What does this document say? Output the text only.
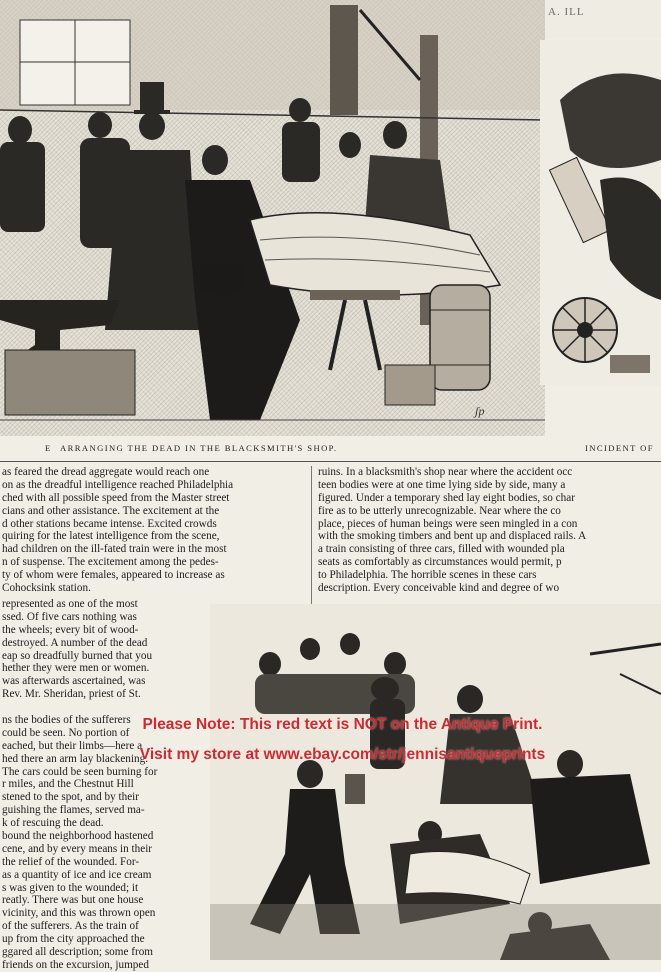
ʃp
A. ILL
E ARRANGING THE DEAD IN THE BLACKSMITH'S SHOP.	INCIDENT OF
as feared the dread aggregate would reach one
on as the dreadful intelligence reached Philadelphia
ched with all possible speed from the Master street
cians and other assistance. The excitement at the
d other stations became intense. Excited crowds
quiring for the latest intelligence from the scene,
had children on the ill-fated train were in the most
n of suspense. The excitement among the pedes-
ty of whom were females, appeared to increase as
Cohocksink station.
represented as one of the most
ssed. Of five cars nothing was
the wheels; every bit of wood-
destroyed. A number of the dead
eap so dreadfully burned that you
hether they were men or women.
was afterwards ascertained, was
Rev. Mr. Sheridan, priest of St.
ns the bodies of the sufferers
could be seen. No portion of
eached, but their limbs—here a
hed there an arm lay blackening.
The cars could be seen burning for
r miles, and the Chestnut Hill
stened to the spot, and by their
guishing the flames, served ma-
k of rescuing the dead.
bound the neighborhood hastened
cene, and by every means in their
the relief of the wounded. For-
as a quantity of ice and ice cream
s was given to the wounded; it
reatly. There was but one house
vicinity, and this was thrown open
of the sufferers. As the train of
up from the city approached the
ggared all description; some from
friends on the excursion, jumped
ruins. In a blacksmith's shop near where the accident occ
teen bodies were at one time lying side by side, many a
figured. Under a temporary shed lay eight bodies, so char
fire as to be utterly unrecognizable. Near where the co
place, pieces of human beings were seen mingled in a con
with the smoking timbers and bent up and displaced rails. A
a train consisting of three cars, filled with wounded pla
seats as comfortably as circumstances would permit, p
to Philadelphia. The horrible scenes in these cars
description. Every conceivable kind and degree of wo
Please Note: This red text is NOT on the Antique Print.
Visit my store at www.ebay.com/str/jennisantiqueprints
